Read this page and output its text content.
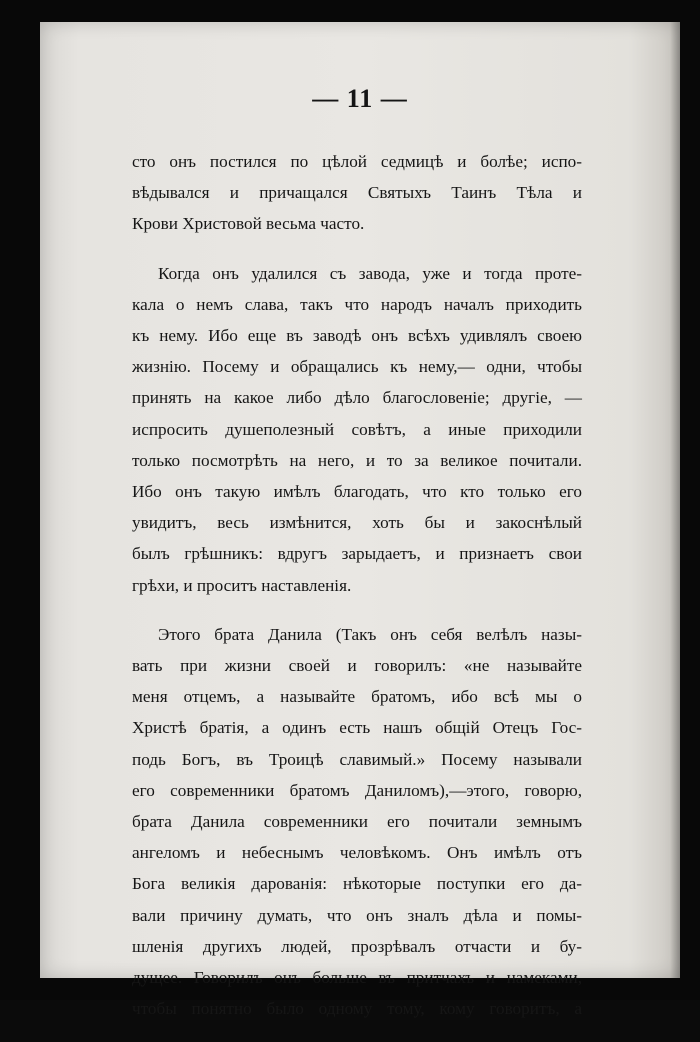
— 11 —
сто онъ постился по цѣлой седмицѣ и болѣе; испо-
вѣдывался и причащался Святыхъ Таинъ Тѣла и
Крови Христовой весьма часто.
Когда онъ удалился съ завода, уже и тогда проте-
кала о немъ слава, такъ что народъ началъ приходить
къ нему. Ибо еще въ заводѣ онъ всѣхъ удивлялъ своею
жизнiю. Посему и обращались къ нему,— одни, чтобы
принять на какое либо дѣло благословенiе; другiе, —
испросить душеполезный совѣтъ, а иные приходили
только посмотрѣть на него, и то за великое почитали.
Ибо онъ такую имѣлъ благодать, что кто только его
увидитъ, весь измѣнится, хоть бы и закоснѣлый
былъ грѣшникъ: вдругъ зарыдаетъ, и признаетъ свои
грѣхи, и проситъ наставленiя.
Этого брата Данила (Такъ онъ себя велѣлъ назы-
вать при жизни своей и говорилъ: «не называйте
меня отцемъ, а называйте братомъ, ибо всѣ мы о
Христѣ братiя, а одинъ есть нашъ общiй Отецъ Гос-
подь Богъ, въ Троицѣ славимый.» Посему называли
его современники братомъ Даниломъ),—этого, говорю,
брата Данила современники его почитали земнымъ
ангеломъ и небеснымъ человѣкомъ. Онъ имѣлъ отъ
Бога великiя дарованiя: нѣкоторые поступки его да-
вали причину думать, что онъ зналъ дѣла и помы-
шленiя другихъ людей, прозрѣвалъ отчасти и бу-
дущее. Говорилъ онъ больше въ притчахъ и намеками,
чтобы понятно было одному тому, кому говоритъ, а
